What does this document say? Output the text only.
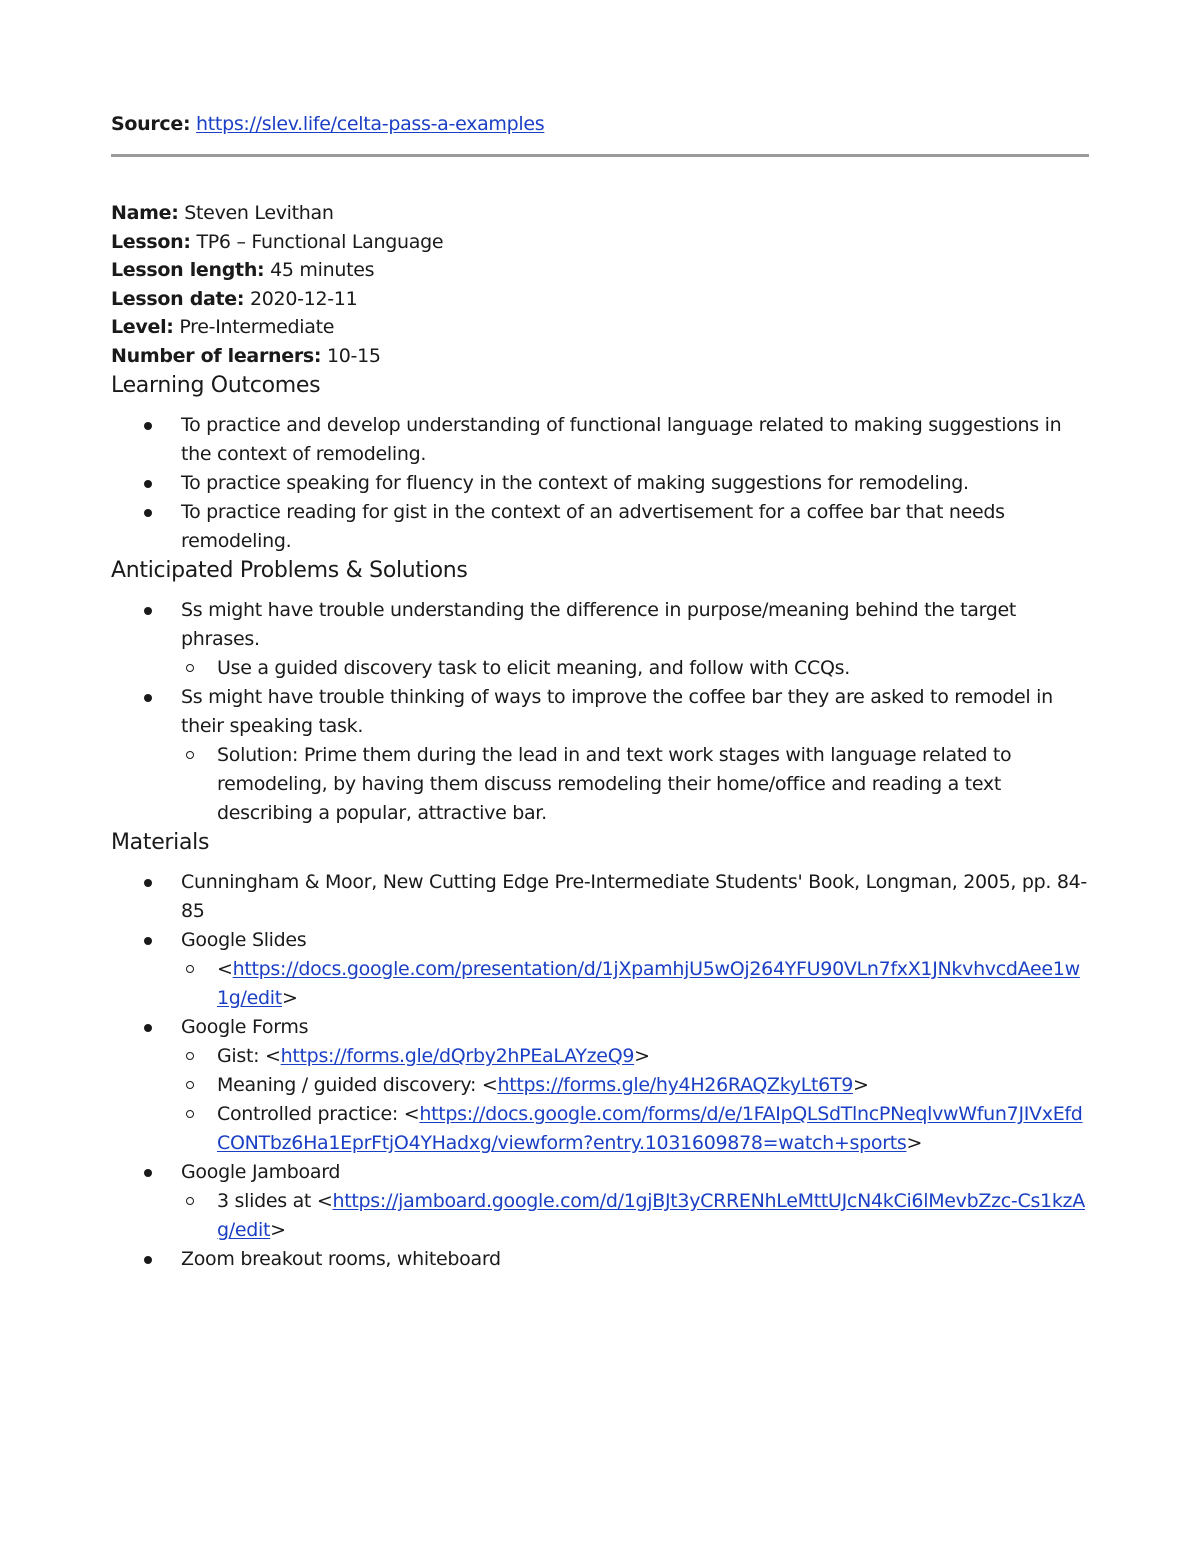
Source: https://slev.life/celta-pass-a-examples
Name: Steven Levithan
Lesson: TP6 – Functional Language
Lesson length: 45 minutes
Lesson date: 2020-12-11
Level: Pre-Intermediate
Number of learners: 10-15
Learning Outcomes
To practice and develop understanding of functional language related to making suggestions in the context of remodeling.
To practice speaking for fluency in the context of making suggestions for remodeling.
To practice reading for gist in the context of an advertisement for a coffee bar that needs remodeling.
Anticipated Problems & Solutions
Ss might have trouble understanding the difference in purpose/meaning behind the target phrases.
Use a guided discovery task to elicit meaning, and follow with CCQs.
Ss might have trouble thinking of ways to improve the coffee bar they are asked to remodel in their speaking task.
Solution: Prime them during the lead in and text work stages with language related to remodeling, by having them discuss remodeling their home/office and reading a text describing a popular, attractive bar.
Materials
Cunningham & Moor, New Cutting Edge Pre-Intermediate Students' Book, Longman, 2005, pp. 84-85
Google Slides
<https://docs.google.com/presentation/d/1jXpamhjU5wOj264YFU90VLn7fxX1JNkvhvcdAee1w1g/edit>
Google Forms
Gist: <https://forms.gle/dQrby2hPEaLAYzeQ9>
Meaning / guided discovery: <https://forms.gle/hy4H26RAQZkyLt6T9>
Controlled practice: <https://docs.google.com/forms/d/e/1FAIpQLSdTlncPNeqlvwWfun7JIVxEfdCONTbz6Ha1EprFtjO4YHadxg/viewform?entry.1031609878=watch+sports>
Google Jamboard
3 slides at <https://jamboard.google.com/d/1gjBJt3yCRRENhLeMttUJcN4kCi6lMevbZzc-Cs1kzAg/edit>
Zoom breakout rooms, whiteboard
